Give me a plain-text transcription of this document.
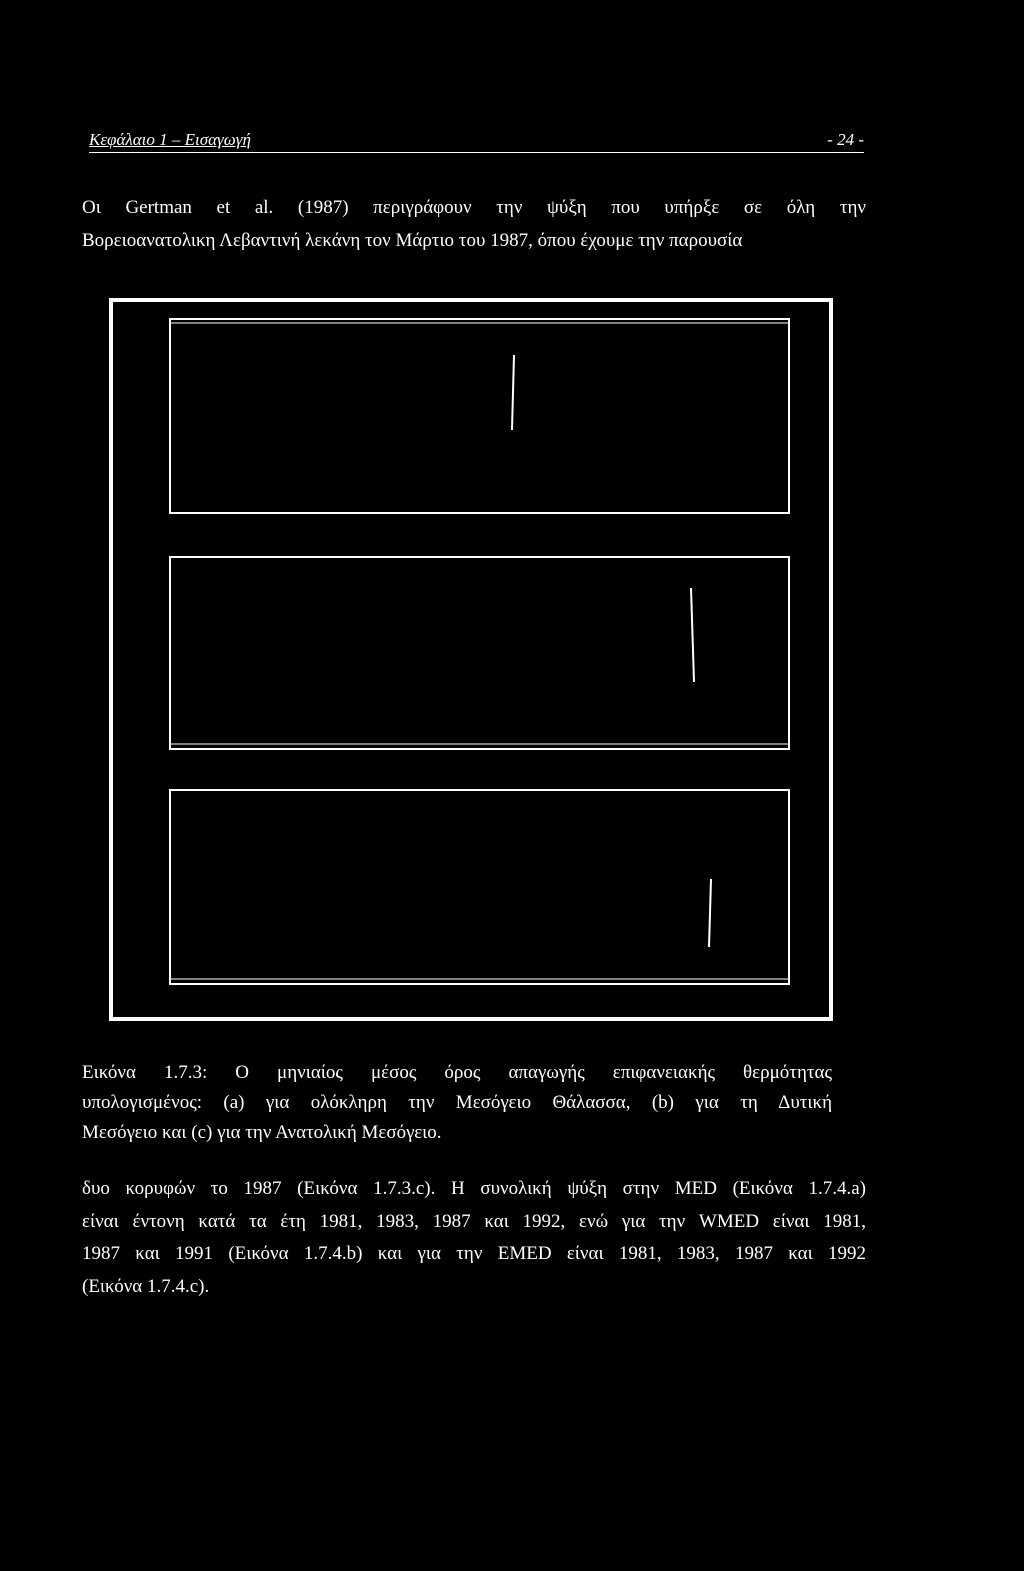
Κεφάλαιο 1 – Εισαγωγή	- 24 -

Οι Gertman et al. (1987) περιγράφουν την ψύξη που υπήρξε σε όλη την
Βορειοανατολικη Λεβαντινή λεκάνη τον Μάρτιο του 1987, όπου έχουμε την παρουσία

Εικόνα 1.7.3: Ο μηνιαίος μέσος όρος απαγωγής επιφανειακής θερμότητας
υπολογισμένος: (a) για ολόκληρη την Μεσόγειο Θάλασσα, (b) για τη Δυτική
Μεσόγειο και (c) για την Ανατολική Μεσόγειο.

δυο κορυφών το 1987 (Εικόνα 1.7.3.c). Η συνολική ψύξη στην MED (Εικόνα 1.7.4.a)
είναι έντονη κατά τα έτη 1981, 1983, 1987 και 1992, ενώ για την WMED είναι 1981,
1987 και 1991 (Εικόνα 1.7.4.b) και για την EMED είναι 1981, 1983, 1987 και 1992
(Εικόνα 1.7.4.c).
